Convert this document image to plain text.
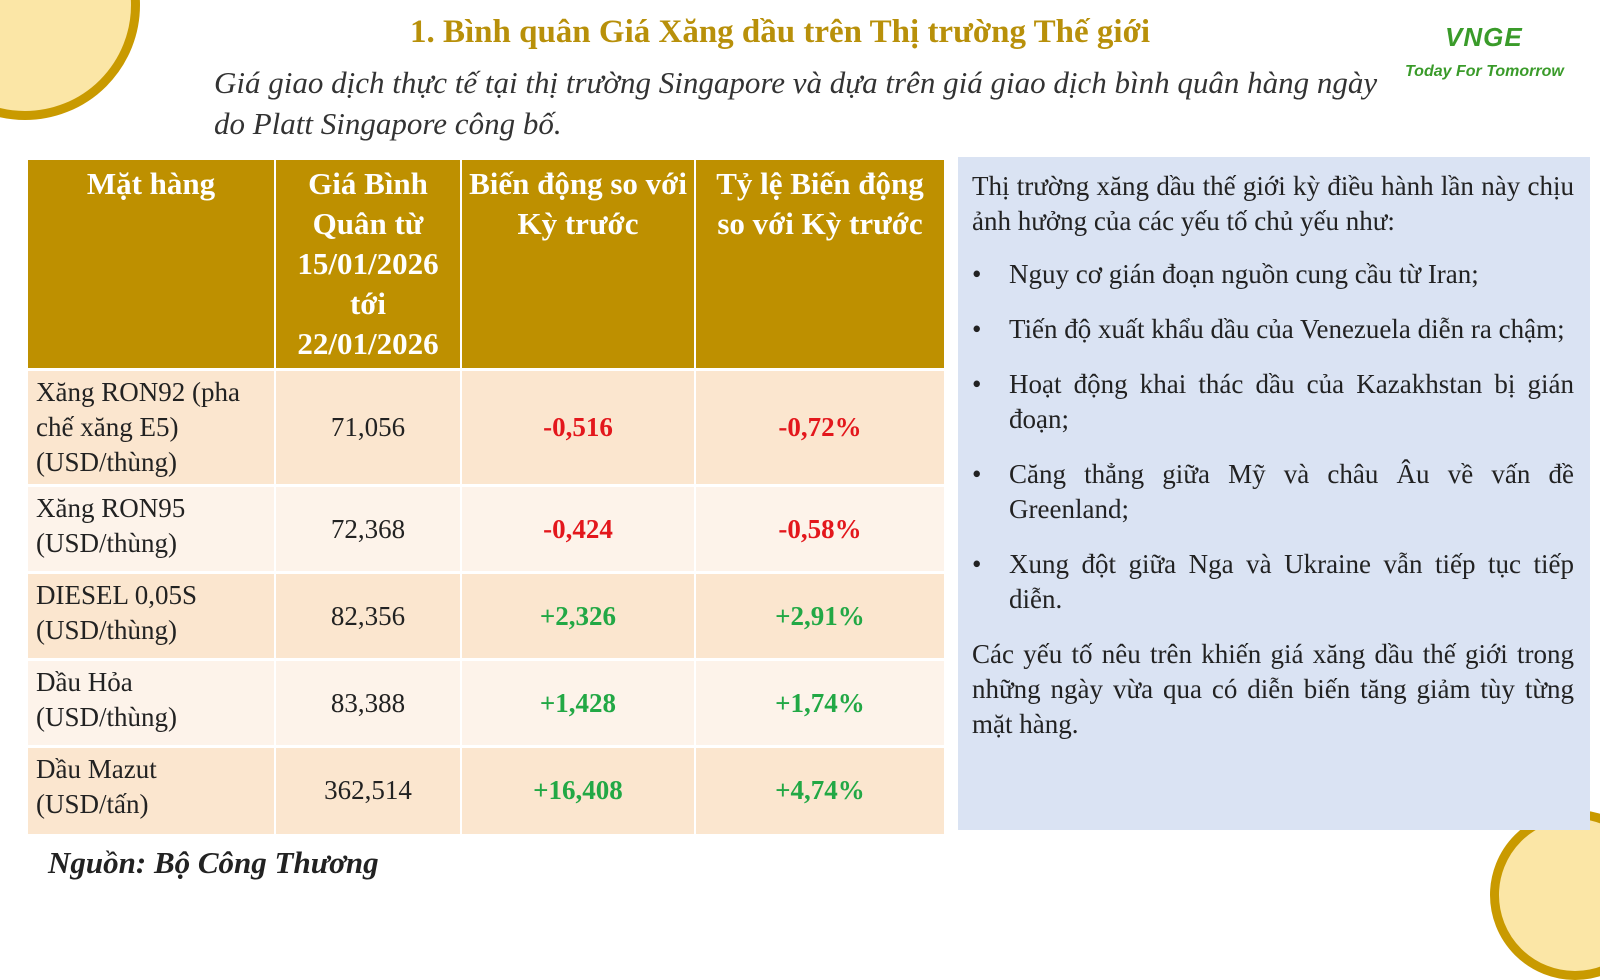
1. Bình quân Giá Xăng dầu trên Thị trường Thế giới
Giá giao dịch thực tế tại thị trường Singapore và dựa trên giá giao dịch bình quân hàng ngày do Platt Singapore công bố.
VNGE
Today For Tomorrow
Mặt hàng	Giá Bình Quân từ 15/01/2026 tới 22/01/2026	Biến động so với Kỳ trước	Tỷ lệ Biến động so với Kỳ trước
Xăng RON92 (pha chế xăng E5) (USD/thùng)	71,056	-0,516	-0,72%
Xăng RON95 (USD/thùng)	72,368	-0,424	-0,58%
DIESEL 0,05S (USD/thùng)	82,356	+2,326	+2,91%
Dầu Hỏa (USD/thùng)	83,388	+1,428	+1,74%
Dầu Mazut (USD/tấn)	362,514	+16,408	+4,74%
Nguồn: Bộ Công Thương

Thị trường xăng dầu thế giới kỳ điều hành lần này chịu ảnh hưởng của các yếu tố chủ yếu như:

• Nguy cơ gián đoạn nguồn cung cầu từ Iran;
• Tiến độ xuất khẩu dầu của Venezuela diễn ra chậm;
• Hoạt động khai thác dầu của Kazakhstan bị gián đoạn;
• Căng thẳng giữa Mỹ và châu Âu về vấn đề Greenland;
• Xung đột giữa Nga và Ukraine vẫn tiếp tục tiếp diễn.

Các yếu tố nêu trên khiến giá xăng dầu thế giới trong những ngày vừa qua có diễn biến tăng giảm tùy từng mặt hàng.
